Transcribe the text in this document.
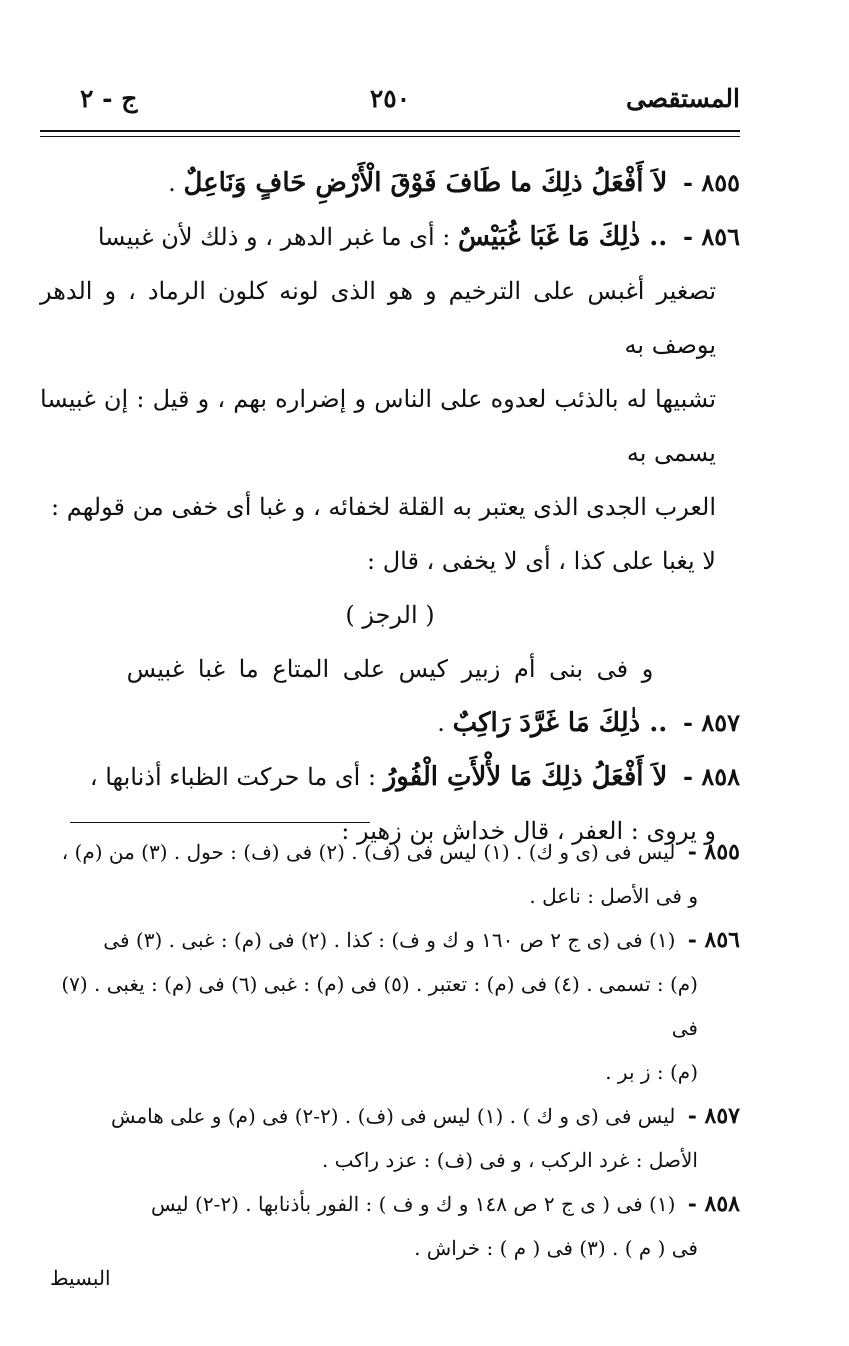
المستقصى
٢٥٠
ج - ٢

٨٥٥ - لاَ أَفْعَلُ ذلِكَ ما طَافَ فَوْقَ الْأَرْضِ حَافٍ وَنَاعِلٌ .

٨٥٦ - .. ذٰلِكَ مَا غَبَا غُبَيْسٌ : أى ما غبر الدهر ، و ذلك لأن غبيسا

تصغير أغبس على الترخيم و هو الذى لونه كلون الرماد ، و الدهر يوصف به

تشبيها له بالذئب لعدوه على الناس و إضراره بهم ، و قيل : إن غبيسا يسمى به

العرب الجدى الذى يعتبر به القلة لخفائه ، و غبا أى خفى من قولهم :

لا يغبا على كذا ، أى لا يخفى ، قال :

( الرجز )

و فى بنى أم زبير كيس على المتاع ما غبا غبيس

٨٥٧ - .. ذٰلِكَ مَا غَرَّدَ رَاكِبٌ .

٨٥٨ - لاَ أَفْعَلُ ذلِكَ مَا لأْلأَتِ الْفُورُ : أى ما حركت الظباء أذنابها ،

و يروى : العفر ، قال خداش بن زهير :

٨٥٥ - ليس فى (ى و ك) . (١) ليس فى (ف) . (٢) فى (ف) : حول . (٣) من (م) ،

و فى الأصل : ناعل .

٨٥٦ - (١) فى (ى ج ٢ ص ١٦٠ و ك و ف) : كذا . (٢) فى (م) : غبى . (٣) فى

(م) : تسمى . (٤) فى (م) : تعتبر . (٥) فى (م) : غبى (٦) فى (م) : يغبى . (٧) فى

(م) : ز بر .

٨٥٧ - ليس فى (ى و ك ) . (١) ليس فى (ف) . (٢-٢) فى (م) و على هامش

الأصل : غرد الركب ، و فى (ف) : عزد راكب .

٨٥٨ - (١) فى ( ى ج ٢ ص ١٤٨ و ك و ف ) : الفور بأذنابها . (٢-٢) ليس

فى ( م ) . (٣) فى ( م ) : خراش .

البسيط
